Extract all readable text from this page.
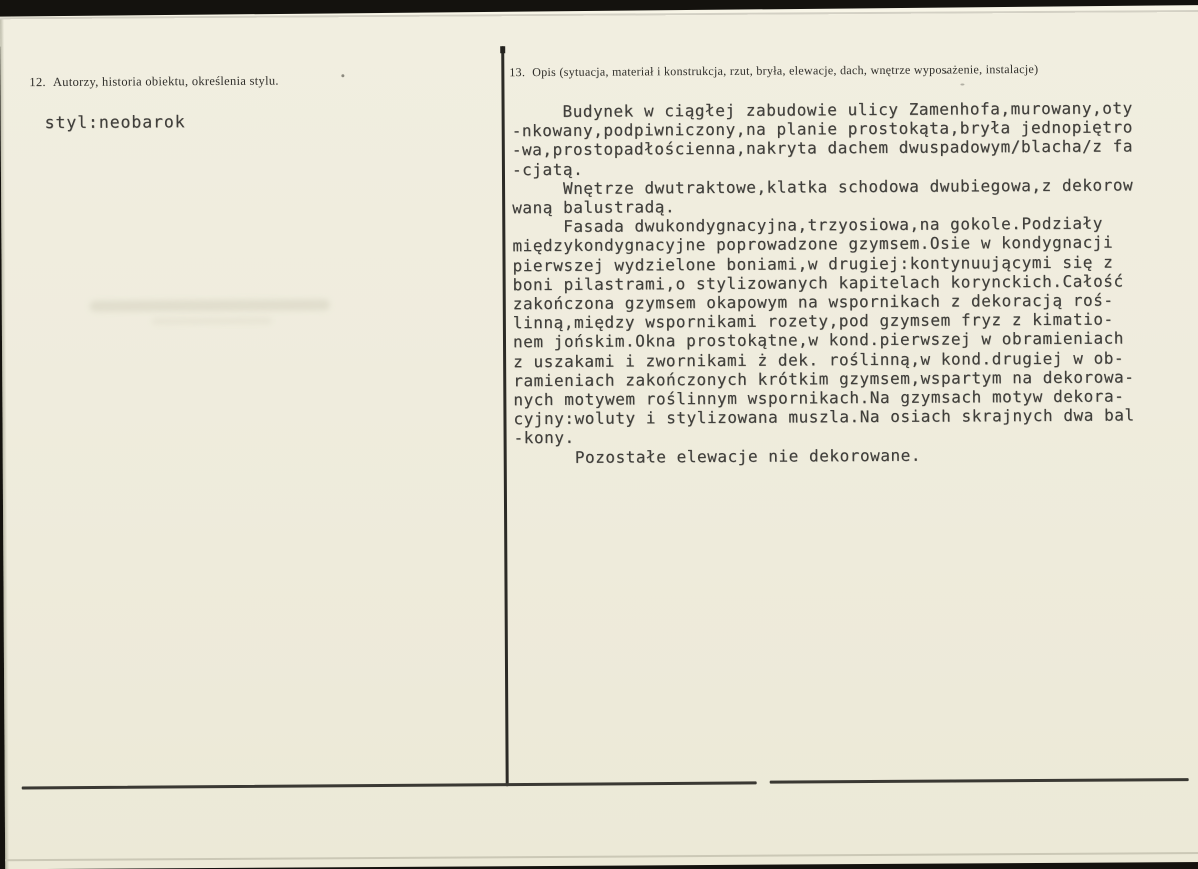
12. Autorzy, historia obiektu, określenia stylu.
styl:neobarok
13. Opis (sytuacja, materiał i konstrukcja, rzut, bryła, elewacje, dach, wnętrze wyposażenie, instalacje)
Budynek w ciągłej zabudowie ulicy Zamenhofa,murowany,oty
-nkowany,podpiwniczony,na planie prostokąta,bryła jednopiętro
-wa,prostopadłościenna,nakryta dachem dwuspadowym/blacha/z fa
-cjatą.
Wnętrze dwutraktowe,klatka schodowa dwubiegowa,z dekorow
waną balustradą.
Fasada dwukondygnacyjna,trzyosiowa,na gokole.Podziały
międzykondygnacyjne poprowadzone gzymsem.Osie w kondygnacji
pierwszej wydzielone boniami,w drugiej:kontynuującymi się z
boni pilastrami,o stylizowanych kapitelach korynckich.Całość
zakończona gzymsem okapowym na wspornikach z dekoracją roś-
linną,między wspornikami rozety,pod gzymsem fryz z kimatio-
nem jońskim.Okna prostokątne,w kond.pierwszej w obramieniach
z uszakami i zwornikami ż dek. roślinną,w kond.drugiej w ob-
ramieniach zakończonych krótkim gzymsem,wspartym na dekorowa-
nych motywem roślinnym wspornikach.Na gzymsach motyw dekora-
cyjny:woluty i stylizowana muszla.Na osiach skrajnych dwa bal
-kony.
Pozostałe elewacje nie dekorowane.
